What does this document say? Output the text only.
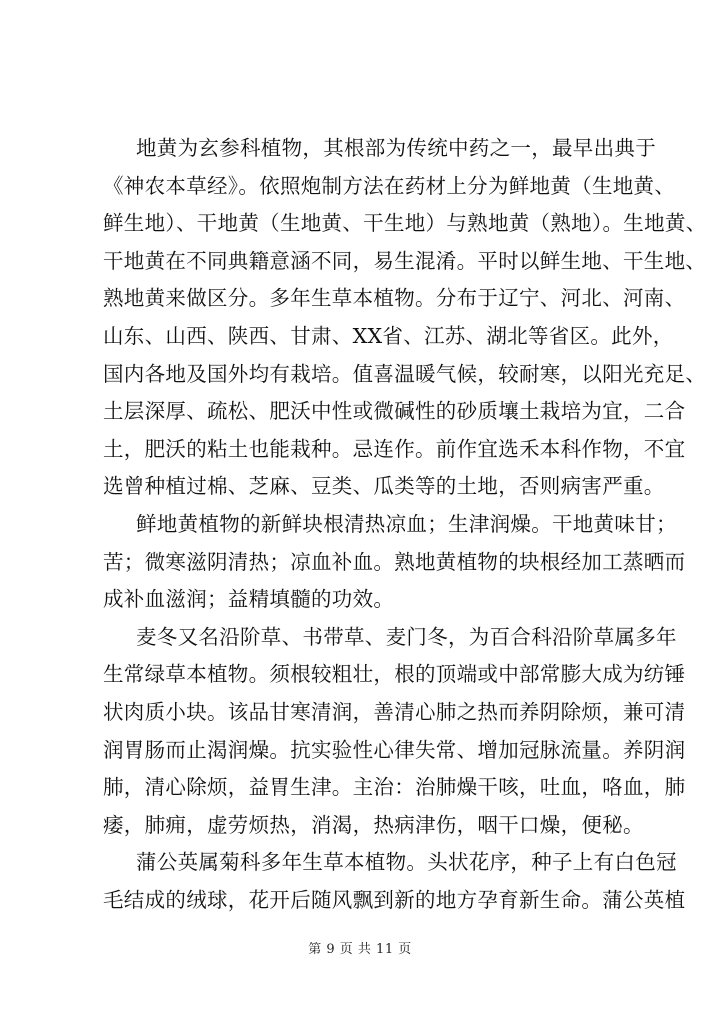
地黄为玄参科植物，其根部为传统中药之一，最早出典于
《神农本草经》。依照炮制方法在药材上分为鲜地黄（生地黄、
鲜生地）、干地黄（生地黄、干生地）与熟地黄（熟地）。生地黄、
干地黄在不同典籍意涵不同，易生混淆。平时以鲜生地、干生地、
熟地黄来做区分。多年生草本植物。分布于辽宁、河北、河南、
山东、山西、陕西、甘肃、XX省、江苏、湖北等省区。此外，
国内各地及国外均有栽培。值喜温暖气候，较耐寒，以阳光充足、
土层深厚、疏松、肥沃中性或微碱性的砂质壤土栽培为宜，二合
土，肥沃的粘土也能栽种。忌连作。前作宜选禾本科作物，不宜
选曾种植过棉、芝麻、豆类、瓜类等的土地，否则病害严重。
鲜地黄植物的新鲜块根清热凉血；生津润燥。干地黄味甘；
苦；微寒滋阴清热；凉血补血。熟地黄植物的块根经加工蒸晒而
成补血滋润；益精填髓的功效。
麦冬又名沿阶草、书带草、麦门冬，为百合科沿阶草属多年
生常绿草本植物。须根较粗壮，根的顶端或中部常膨大成为纺锤
状肉质小块。该品甘寒清润，善清心肺之热而养阴除烦，兼可清
润胃肠而止渴润燥。抗实验性心律失常、增加冠脉流量。养阴润
肺，清心除烦，益胃生津。主治：治肺燥干咳，吐血，咯血，肺
痿，肺痈，虚劳烦热，消渴，热病津伤，咽干口燥，便秘。
蒲公英属菊科多年生草本植物。头状花序，种子上有白色冠
毛结成的绒球，花开后随风飘到新的地方孕育新生命。蒲公英植
第 9 页 共 11 页
